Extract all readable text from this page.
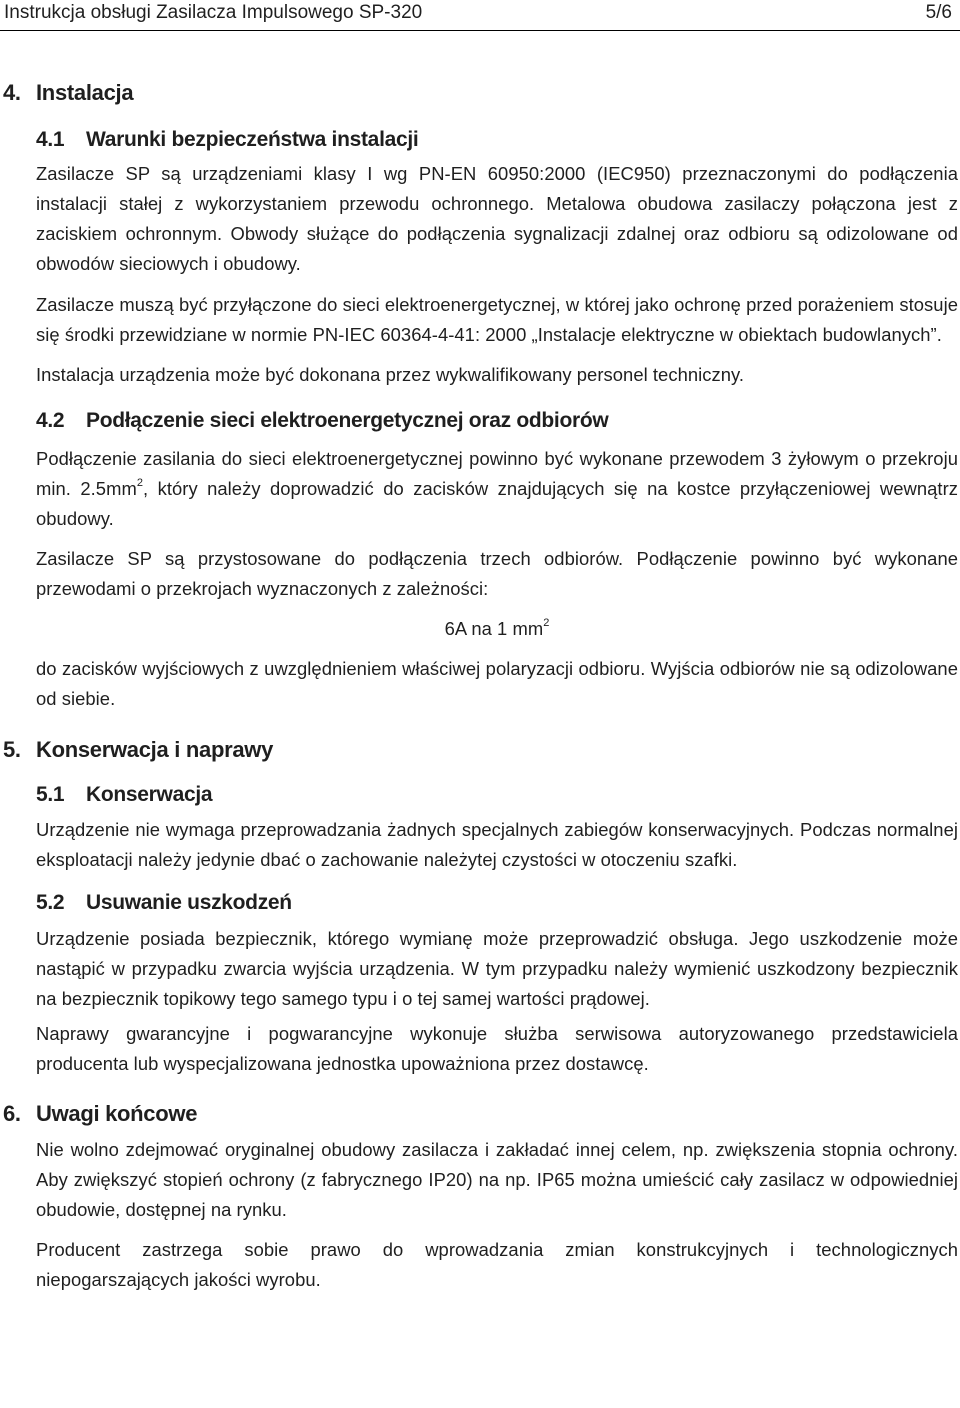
Instrukcja obsługi Zasilacza Impulsowego SP-320	5/6
4. Instalacja
4.1 Warunki bezpieczeństwa instalacji

Zasilacze SP są urządzeniami klasy I wg PN-EN 60950:2000 (IEC950) przeznaczonymi do podłączenia instalacji stałej z wykorzystaniem przewodu ochronnego. Metalowa obudowa zasilaczy połączona jest z zaciskiem ochronnym. Obwody służące do podłączenia sygnalizacji zdalnej oraz odbioru są odizolowane od obwodów sieciowych i obudowy.

Zasilacze muszą być przyłączone do sieci elektroenergetycznej, w której jako ochronę przed porażeniem stosuje się środki przewidziane w normie PN-IEC 60364-4-41: 2000 „Instalacje elektryczne w obiektach budowlanych”.

Instalacja urządzenia może być dokonana przez wykwalifikowany personel techniczny.

4.2 Podłączenie sieci elektroenergetycznej oraz odbiorów

Podłączenie zasilania do sieci elektroenergetycznej powinno być wykonane przewodem 3 żyłowym o przekroju min. $2.5mm^2$, który należy doprowadzić do zacisków znajdujących się na kostce przyłączeniowej wewnątrz obudowy.

Zasilacze SP są przystosowane do podłączenia trzech odbiorów. Podłączenie powinno być wykonane przewodami o przekrojach wyznaczonych z zależności:

6A na 1 $mm^2$

do zacisków wyjściowych z uwzględnieniem właściwej polaryzacji odbioru. Wyjścia odbiorów nie są odizolowane od siebie.

5. Konserwacja i naprawy
5.1 Konserwacja

Urządzenie nie wymaga przeprowadzania żadnych specjalnych zabiegów konserwacyjnych. Podczas normalnej eksploatacji należy jedynie dbać o zachowanie należytej czystości w otoczeniu szafki.

5.2 Usuwanie uszkodzeń

Urządzenie posiada bezpiecznik, którego wymianę może przeprowadzić obsługa. Jego uszkodzenie może nastąpić w przypadku zwarcia wyjścia urządzenia. W tym przypadku należy wymienić uszkodzony bezpiecznik na bezpiecznik topikowy tego samego typu i o tej samej wartości prądowej.

Naprawy gwarancyjne i pogwarancyjne wykonuje służba serwisowa autoryzowanego przedstawiciela producenta lub wyspecjalizowana jednostka upoważniona przez dostawcę.

6. Uwagi końcowe

Nie wolno zdejmować oryginalnej obudowy zasilacza i zakładać innej celem, np. zwiększenia stopnia ochrony. Aby zwiększyć stopień ochrony (z fabrycznego IP20) na np. IP65 można umieścić cały zasilacz w odpowiedniej obudowie, dostępnej na rynku.

Producent zastrzega sobie prawo do wprowadzania zmian konstrukcyjnych i technologicznych niepogarszających jakości wyrobu.
